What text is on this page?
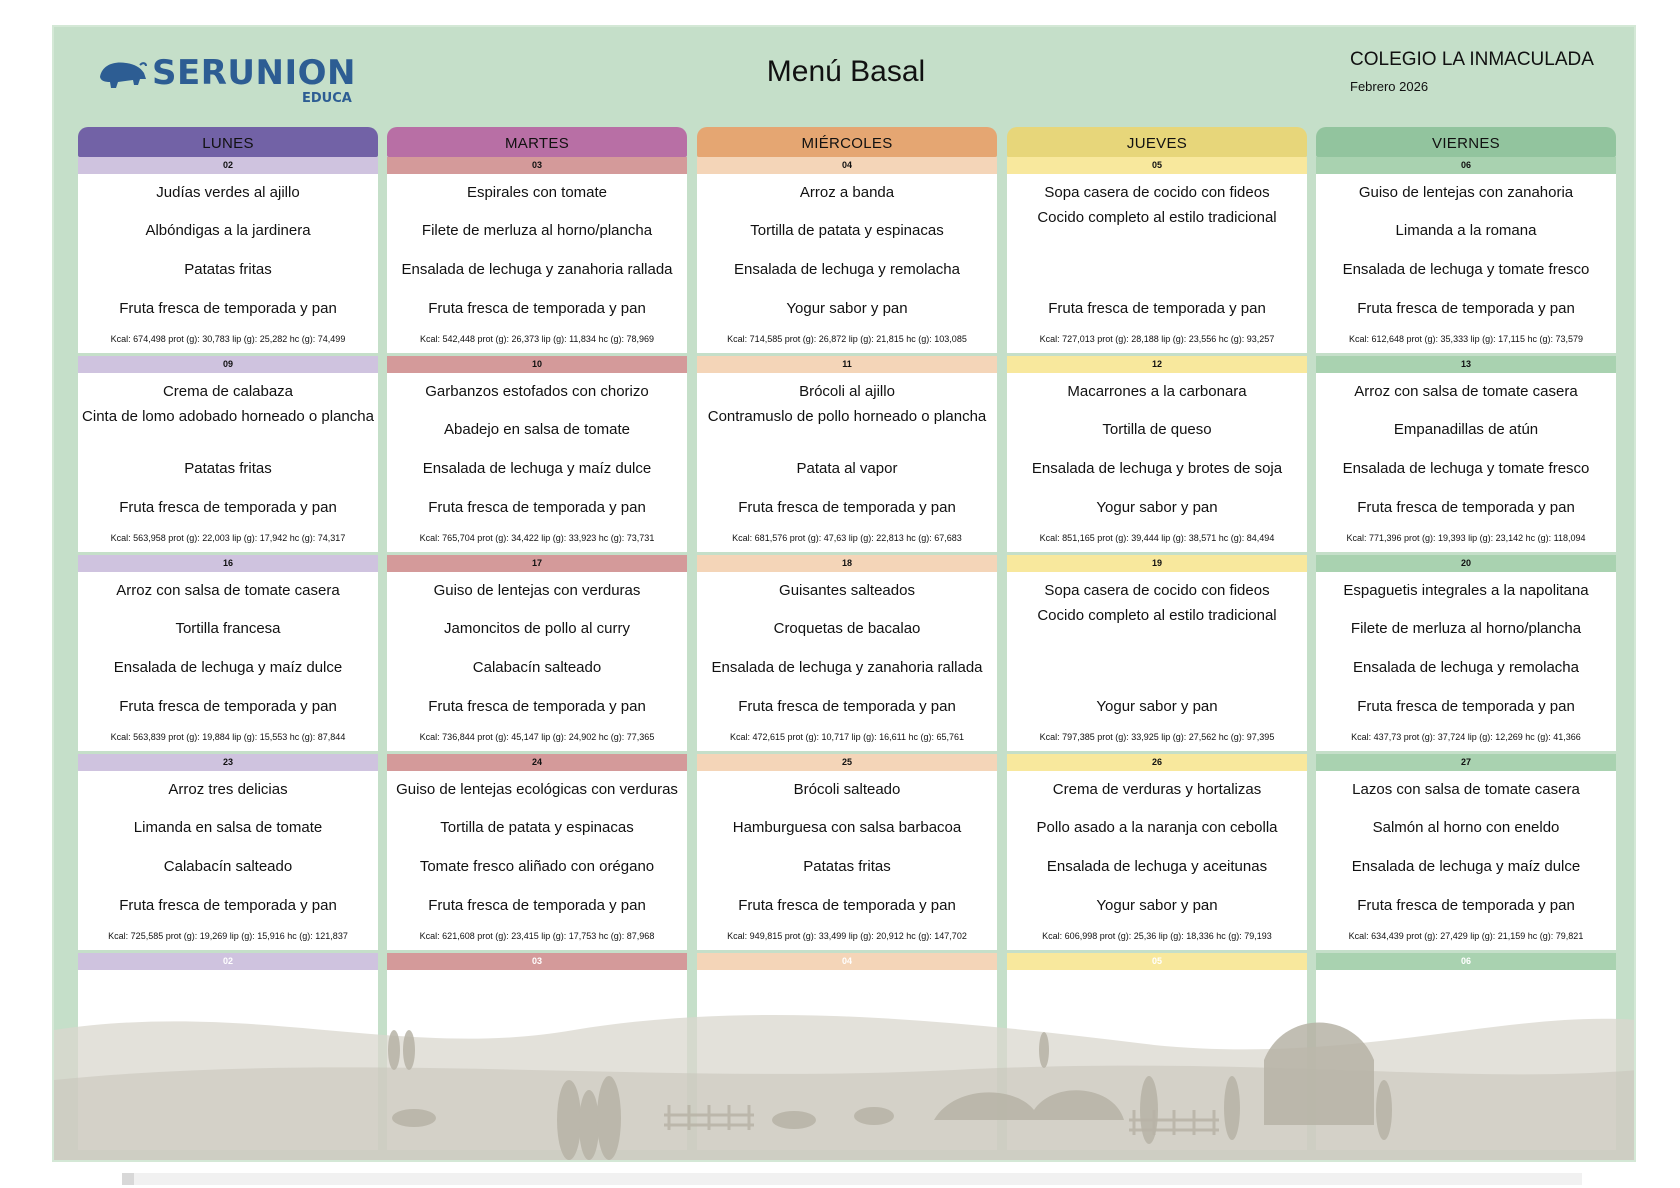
SERUNION
EDUCA
Menú Basal	COLEGIO LA INMACULADA
Febrero 2026
LUNES
02
Judías verdes al ajillo
Albóndigas a la jardinera
Patatas fritas
Fruta fresca de temporada y pan
Kcal: 674,498 prot (g): 30,783 lip (g): 25,282 hc (g): 74,499
09
Crema de calabaza
Cinta de lomo adobado horneado o plancha
Patatas fritas
Fruta fresca de temporada y pan
Kcal: 563,958 prot (g): 22,003 lip (g): 17,942 hc (g): 74,317
16
Arroz con salsa de tomate casera
Tortilla francesa
Ensalada de lechuga y maíz dulce
Fruta fresca de temporada y pan
Kcal: 563,839 prot (g): 19,884 lip (g): 15,553 hc (g): 87,844
23
Arroz tres delicias
Limanda en salsa de tomate
Calabacín salteado
Fruta fresca de temporada y pan
Kcal: 725,585 prot (g): 19,269 lip (g): 15,916 hc (g): 121,837
02
MARTES
03
Espirales con tomate
Filete de merluza al horno/plancha
Ensalada de lechuga y zanahoria rallada
Fruta fresca de temporada y pan
Kcal: 542,448 prot (g): 26,373 lip (g): 11,834 hc (g): 78,969
10
Garbanzos estofados con chorizo
Abadejo en salsa de tomate
Ensalada de lechuga y maíz dulce
Fruta fresca de temporada y pan
Kcal: 765,704 prot (g): 34,422 lip (g): 33,923 hc (g): 73,731
17
Guiso de lentejas con verduras
Jamoncitos de pollo al curry
Calabacín salteado
Fruta fresca de temporada y pan
Kcal: 736,844 prot (g): 45,147 lip (g): 24,902 hc (g): 77,365
24
Guiso de lentejas ecológicas con verduras
Tortilla de patata y espinacas
Tomate fresco aliñado con orégano
Fruta fresca de temporada y pan
Kcal: 621,608 prot (g): 23,415 lip (g): 17,753 hc (g): 87,968
03
MIÉRCOLES
04
Arroz a banda
Tortilla de patata y espinacas
Ensalada de lechuga y remolacha
Yogur sabor y pan
Kcal: 714,585 prot (g): 26,872 lip (g): 21,815 hc (g): 103,085
11
Brócoli al ajillo
Contramuslo de pollo horneado o plancha
Patata al vapor
Fruta fresca de temporada y pan
Kcal: 681,576 prot (g): 47,63 lip (g): 22,813 hc (g): 67,683
18
Guisantes salteados
Croquetas de bacalao
Ensalada de lechuga y zanahoria rallada
Fruta fresca de temporada y pan
Kcal: 472,615 prot (g): 10,717 lip (g): 16,611 hc (g): 65,761
25
Brócoli salteado
Hamburguesa con salsa barbacoa
Patatas fritas
Fruta fresca de temporada y pan
Kcal: 949,815 prot (g): 33,499 lip (g): 20,912 hc (g): 147,702
04
JUEVES
05
Sopa casera de cocido con fideos
Cocido completo al estilo tradicional
Fruta fresca de temporada y pan
Kcal: 727,013 prot (g): 28,188 lip (g): 23,556 hc (g): 93,257
12
Macarrones a la carbonara
Tortilla de queso
Ensalada de lechuga y brotes de soja
Yogur sabor y pan
Kcal: 851,165 prot (g): 39,444 lip (g): 38,571 hc (g): 84,494
19
Sopa casera de cocido con fideos
Cocido completo al estilo tradicional
Yogur sabor y pan
Kcal: 797,385 prot (g): 33,925 lip (g): 27,562 hc (g): 97,395
26
Crema de verduras y hortalizas
Pollo asado a la naranja con cebolla
Ensalada de lechuga y aceitunas
Yogur sabor y pan
Kcal: 606,998 prot (g): 25,36 lip (g): 18,336 hc (g): 79,193
05
VIERNES
06
Guiso de lentejas con zanahoria
Limanda a la romana
Ensalada de lechuga y tomate fresco
Fruta fresca de temporada y pan
Kcal: 612,648 prot (g): 35,333 lip (g): 17,115 hc (g): 73,579
13
Arroz con salsa de tomate casera
Empanadillas de atún
Ensalada de lechuga y tomate fresco
Fruta fresca de temporada y pan
Kcal: 771,396 prot (g): 19,393 lip (g): 23,142 hc (g): 118,094
20
Espaguetis integrales a la napolitana
Filete de merluza al horno/plancha
Ensalada de lechuga y remolacha
Fruta fresca de temporada y pan
Kcal: 437,73 prot (g): 37,724 lip (g): 12,269 hc (g): 41,366
27
Lazos con salsa de tomate casera
Salmón al horno con eneldo
Ensalada de lechuga y maíz dulce
Fruta fresca de temporada y pan
Kcal: 634,439 prot (g): 27,429 lip (g): 21,159 hc (g): 79,821
06
